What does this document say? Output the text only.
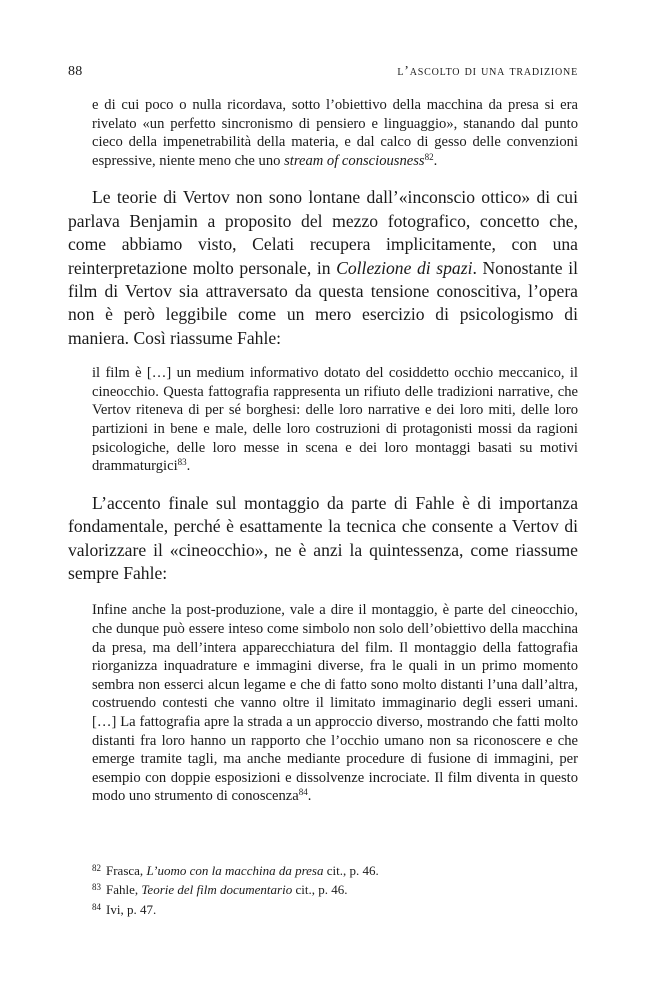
88	l’ascolto di una tradizione

e di cui poco o nulla ricordava, sotto l’obiettivo della macchina da presa si era rivelato «un perfetto sincronismo di pensiero e linguaggio», stanando dal punto cieco della impenetrabilità della materia, e dal calco di gesso delle convenzioni espressive, niente meno che uno stream of consciousness$^{82}$.

Le teorie di Vertov non sono lontane dall’«inconscio ottico» di cui parlava Benjamin a proposito del mezzo fotografico, concetto che, come abbiamo visto, Celati recupera implicitamente, con una reinterpretazione molto personale, in Collezione di spazi. Nonostante il film di Vertov sia attraversato da questa tensione conoscitiva, l’opera non è però leggibile come un mero esercizio di psicologismo di maniera. Così riassume Fahle:

il film è […] un medium informativo dotato del cosiddetto occhio meccanico, il cineocchio. Questa fattografia rappresenta un rifiuto delle tradizioni narrative, che Vertov riteneva di per sé borghesi: delle loro narrative e dei loro miti, delle loro partizioni in bene e male, delle loro costruzioni di protagonisti mossi da ragioni psicologiche, delle loro messe in scena e dei loro montaggi basati su motivi drammaturgici$^{83}$.

L’accento finale sul montaggio da parte di Fahle è di importanza fondamentale, perché è esattamente la tecnica che consente a Vertov di valorizzare il «cineocchio», ne è anzi la quintessenza, come riassume sempre Fahle:

Infine anche la post-produzione, vale a dire il montaggio, è parte del cineocchio, che dunque può essere inteso come simbolo non solo dell’obiettivo della macchina da presa, ma dell’intera apparecchiatura del film. Il montaggio della fattografia riorganizza inquadrature e immagini diverse, fra le quali in un primo momento sembra non esserci alcun legame e che di fatto sono molto distanti l’una dall’altra, costruendo contesti che vanno oltre il limitato immaginario degli esseri umani. […] La fattografia apre la strada a un approccio diverso, mostrando che fatti molto distanti fra loro hanno un rapporto che l’occhio umano non sa riconoscere e che emerge tramite tagli, ma anche mediante procedure di fusione di immagini, per esempio con doppie esposizioni e dissolvenze incrociate. Il film diventa in questo modo uno strumento di conoscenza$^{84}$.

$^{82}$ Frasca, L’uomo con la macchina da presa cit., p. 46.

$^{83}$ Fahle, Teorie del film documentario cit., p. 46.

$^{84}$ Ivi, p. 47.
